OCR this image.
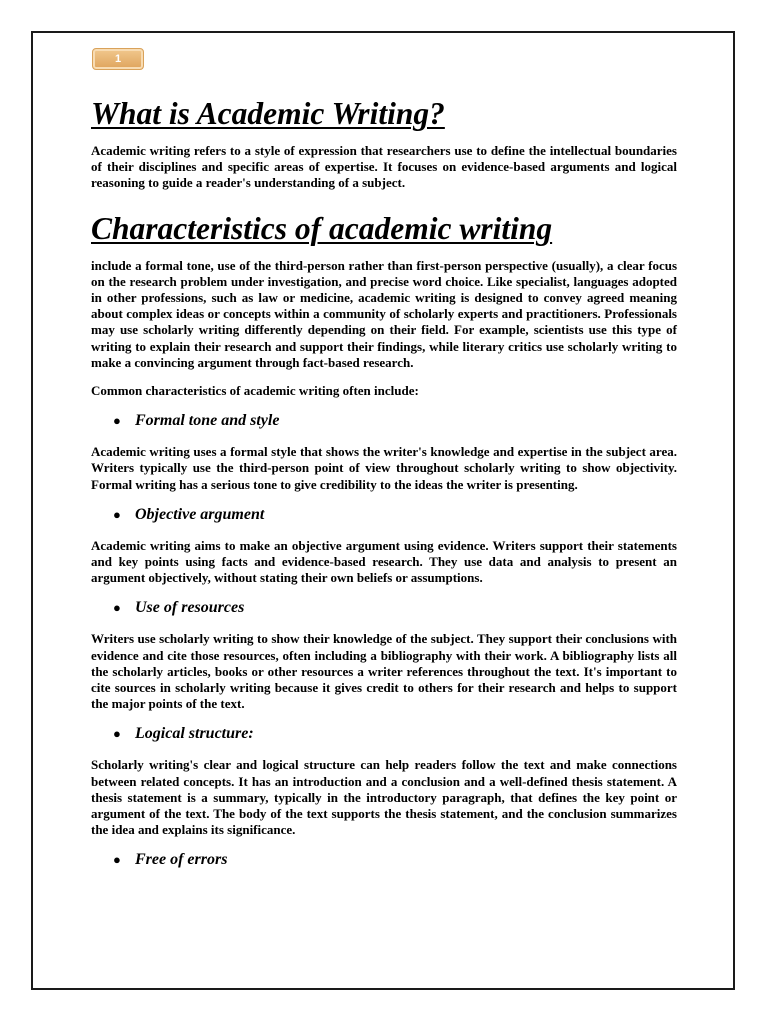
1
What is Academic Writing?

Academic writing refers to a style of expression that researchers use to define the intellectual boundaries of their disciplines and specific areas of expertise. It focuses on evidence-based arguments and logical reasoning to guide a reader's understanding of a subject.

Characteristics of academic writing

include a formal tone, use of the third-person rather than first-person perspective (usually), a clear focus on the research problem under investigation, and precise word choice. Like specialist, languages adopted in other professions, such as law or medicine, academic writing is designed to convey agreed meaning about complex ideas or concepts within a community of scholarly experts and practitioners. Professionals may use scholarly writing differently depending on their field. For example, scientists use this type of writing to explain their research and support their findings, while literary critics use scholarly writing to make a convincing argument through fact-based research.

Common characteristics of academic writing often include:

● Formal tone and style

Academic writing uses a formal style that shows the writer's knowledge and expertise in the subject area. Writers typically use the third-person point of view throughout scholarly writing to show objectivity. Formal writing has a serious tone to give credibility to the ideas the writer is presenting.

● Objective argument

Academic writing aims to make an objective argument using evidence. Writers support their statements and key points using facts and evidence-based research. They use data and analysis to present an argument objectively, without stating their own beliefs or assumptions.

● Use of resources

Writers use scholarly writing to show their knowledge of the subject. They support their conclusions with evidence and cite those resources, often including a bibliography with their work. A bibliography lists all the scholarly articles, books or other resources a writer references throughout the text. It's important to cite sources in scholarly writing because it gives credit to others for their research and helps to support the major points of the text.

● Logical structure:

Scholarly writing's clear and logical structure can help readers follow the text and make connections between related concepts. It has an introduction and a conclusion and a well-defined thesis statement. A thesis statement is a summary, typically in the introductory paragraph, that defines the key point or argument of the text. The body of the text supports the thesis statement, and the conclusion summarizes the idea and explains its significance.

● Free of errors
